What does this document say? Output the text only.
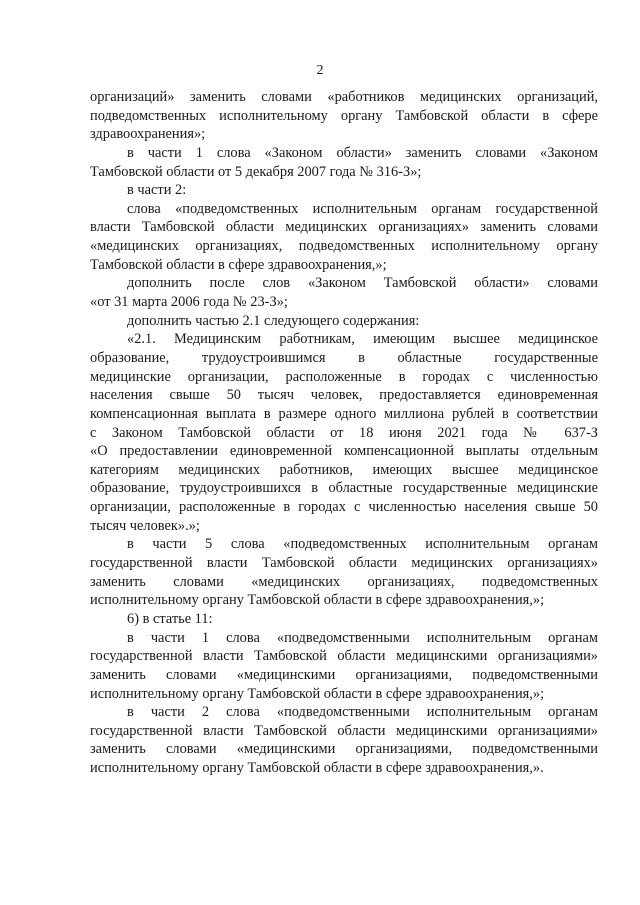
2
организаций» заменить словами «работников медицинских организаций,
подведомственных исполнительному органу Тамбовской области в сфере
здравоохранения»;
в части 1 слова «Законом области» заменить словами «Законом
Тамбовской области от 5 декабря 2007 года № 316-З»;
в части 2:
слова «подведомственных исполнительным органам государственной
власти Тамбовской области медицинских организациях» заменить словами
«медицинских организациях, подведомственных исполнительному органу
Тамбовской области в сфере здравоохранения,»;
дополнить после слов «Законом Тамбовской области» словами
«от 31 марта 2006 года № 23-З»;
дополнить частью 2.1 следующего содержания:
«2.1. Медицинским работникам, имеющим высшее медицинское
образование, трудоустроившимся в областные государственные
медицинские организации, расположенные в городах с численностью
населения свыше 50 тысяч человек, предоставляется единовременная
компенсационная выплата в размере одного миллиона рублей в соответствии
с Законом Тамбовской области от 18 июня 2021 года № 637-З
«О предоставлении единовременной компенсационной выплаты отдельным
категориям медицинских работников, имеющих высшее медицинское
образование, трудоустроившихся в областные государственные медицинские
организации, расположенные в городах с численностью населения свыше 50
тысяч человек».»;
в части 5 слова «подведомственных исполнительным органам
государственной власти Тамбовской области медицинских организациях»
заменить словами «медицинских организациях, подведомственных
исполнительному органу Тамбовской области в сфере здравоохранения,»;
6) в статье 11:
в части 1 слова «подведомственными исполнительным органам
государственной власти Тамбовской области медицинскими организациями»
заменить словами «медицинскими организациями, подведомственными
исполнительному органу Тамбовской области в сфере здравоохранения,»;
в части 2 слова «подведомственными исполнительным органам
государственной власти Тамбовской области медицинскими организациями»
заменить словами «медицинскими организациями, подведомственными
исполнительному органу Тамбовской области в сфере здравоохранения,».
